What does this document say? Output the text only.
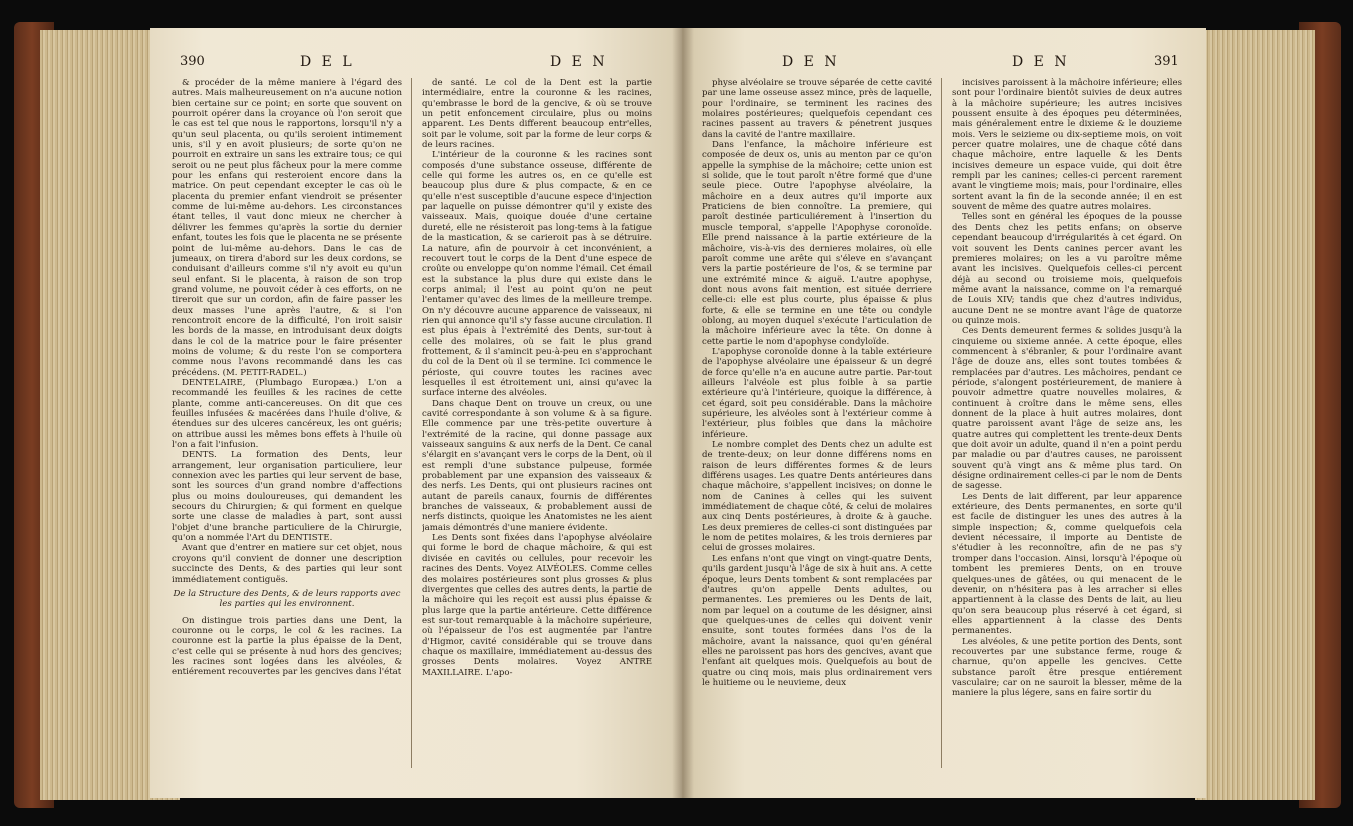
390	D E L	D E N

& procéder de la même maniere à l'égard des autres. Mais malheureusement on n'a aucune notion bien certaine sur ce point; en sorte que souvent on pourroit opérer dans la croyance où l'on seroit que le cas est tel que nous le rapportons, lorsqu'il n'y a qu'un seul placenta, ou qu'ils seroient intimement unis, s'il y en avoit plusieurs; de sorte qu'on ne pourroit en extraire un sans les extraire tous; ce qui seroit ou ne peut plus fâcheux pour la mere comme pour les enfans qui resteroient encore dans la matrice. On peut cependant excepter le cas où le placenta du premier enfant viendroit se présenter comme de lui-même au-dehors. Les circonstances étant telles, il vaut donc mieux ne chercher à délivrer les femmes qu'après la sortie du dernier enfant, toutes les fois que le placenta ne se présente point de lui-même au-dehors. Dans le cas de jumeaux, on tirera d'abord sur les deux cordons, se conduisant d'ailleurs comme s'il n'y avoit eu qu'un seul enfant. Si le placenta, à raison de son trop grand volume, ne pouvoit céder à ces efforts, on ne tireroit que sur un cordon, afin de faire passer les deux masses l'une après l'autre, & si l'on rencontroit encore de la difficulté, l'on iroit saisir les bords de la masse, en introduisant deux doigts dans le col de la matrice pour le faire présenter moins de volume; & du reste l'on se comportera comme nous l'avons recommandé dans les cas précédens. (M. PETIT-RADEL.)

DENTELAIRE, (Plumbago Europæa.) L'on a recommandé les feuilles & les racines de cette plante, comme anti-cancereuses. On dit que ces feuilles infusées & macérées dans l'huile d'olive, & étendues sur des ulceres cancéreux, les ont guéris; on attribue aussi les mêmes bons effets à l'huile où l'on a fait l'infusion.

DENTS. La formation des Dents, leur arrangement, leur organisation particuliere, leur connexion avec les parties qui leur servent de base, sont les sources d'un grand nombre d'affections plus ou moins douloureuses, qui demandent les secours du Chirurgien; & qui forment en quelque sorte une classe de maladies à part, sont aussi l'objet d'une branche particuliere de la Chirurgie, qu'on a nommée l'Art du DENTISTE.

Avant que d'entrer en matiere sur cet objet, nous croyons qu'il convient de donner une description succincte des Dents, & des parties qui leur sont immédiatement contiguës.

De la Structure des Dents, & de leurs rapports avec les parties qui les environnent.

On distingue trois parties dans une Dent, la couronne ou le corps, le col & les racines. La couronne est la partie la plus épaisse de la Dent, c'est celle qui se présente à nud hors des gencives; les racines sont logées dans les alvéoles, & entiérement recouvertes par les gencives dans l'état

de santé. Le col de la Dent est la partie intermédiaire, entre la couronne & les racines, qu'embrasse le bord de la gencive, & où se trouve un petit enfoncement circulaire, plus ou moins apparent. Les Dents different beaucoup entr'elles, soit par le volume, soit par la forme de leur corps & de leurs racines.

L'intérieur de la couronne & les racines sont composés d'une substance osseuse, différente de celle qui forme les autres os, en ce qu'elle est beaucoup plus dure & plus compacte, & en ce qu'elle n'est susceptible d'aucune espece d'injection par laquelle on puisse démontrer qu'il y existe des vaisseaux. Mais, quoique douée d'une certaine dureté, elle ne résisteroit pas long-tems à la fatigue de la mastication, & se carieroit pas à se détruire. La nature, afin de pourvoir à cet inconvénient, a recouvert tout le corps de la Dent d'une espece de croûte ou enveloppe qu'on nomme l'émail. Cet émail est la substance la plus dure qui existe dans le corps animal; il l'est au point qu'on ne peut l'entamer qu'avec des limes de la meilleure trempe. On n'y découvre aucune apparence de vaisseaux, ni rien qui annonce qu'il s'y fasse aucune circulation. Il est plus épais à l'extrémité des Dents, sur-tout à celle des molaires, où se fait le plus grand frottement, & il s'amincit peu-à-peu en s'approchant du col de la Dent où il se termine. Ici commence le périoste, qui couvre toutes les racines avec lesquelles il est étroitement uni, ainsi qu'avec la surface interne des alvéoles.

Dans chaque Dent on trouve un creux, ou une cavité correspondante à son volume & à sa figure. Elle commence par une très-petite ouverture à l'extrémité de la racine, qui donne passage aux vaisseaux sanguins & aux nerfs de la Dent. Ce canal s'élargit en s'avançant vers le corps de la Dent, où il est rempli d'une substance pulpeuse, formée probablement par une expansion des vaisseaux & des nerfs. Les Dents, qui ont plusieurs racines ont autant de pareils canaux, fournis de différentes branches de vaisseaux, & probablement aussi de nerfs distincts, quoique les Anatomistes ne les aient jamais démontrés d'une maniere évidente.

Les Dents sont fixées dans l'apophyse alvéolaire qui forme le bord de chaque mâchoire, & qui est divisée en cavités ou cellules, pour recevoir les racines des Dents. Voyez ALVÉOLES. Comme celles des molaires postérieures sont plus grosses & plus divergentes que celles des autres dents, la partie de la mâchoire qui les reçoit est aussi plus épaisse & plus large que la partie antérieure. Cette différence est sur-tout remarquable à la mâchoire supérieure, où l'épaisseur de l'os est augmentée par l'antre d'Higmor, cavité considérable qui se trouve dans chaque os maxillaire, immédiatement au-dessus des grosses Dents molaires. Voyez ANTRE MAXILLAIRE. L'apo-

D E N	D E N	391

physe alvéolaire se trouve séparée de cette cavité par une lame osseuse assez mince, près de laquelle, pour l'ordinaire, se terminent les racines des molaires postérieures; quelquefois cependant ces racines passent au travers & pénetrent jusques dans la cavité de l'antre maxillaire.

Dans l'enfance, la mâchoire inférieure est composée de deux os, unis au menton par ce qu'on appelle la symphise de la mâchoire; cette union est si solide, que le tout paroît n'être formé que d'une seule piece. Outre l'apophyse alvéolaire, la mâchoire en a deux autres qu'il importe aux Praticiens de bien connoître. La premiere, qui paroît destinée particuliérement à l'insertion du muscle temporal, s'appelle l'Apophyse coronoïde. Elle prend naissance à la partie extérieure de la mâchoire, vis-à-vis des dernieres molaires, où elle paroît comme une arête qui s'éleve en s'avançant vers la partie postérieure de l'os, & se termine par une extrémité mince & aiguë. L'autre apophyse, dont nous avons fait mention, est située derriere celle-ci: elle est plus courte, plus épaisse & plus forte, & elle se termine en une tête ou condyle oblong, au moyen duquel s'exécute l'articulation de la mâchoire inférieure avec la tête. On donne à cette partie le nom d'apophyse condyloïde.

L'apophyse coronoïde donne à la table extérieure de l'apophyse alvéolaire une épaisseur & un degré de force qu'elle n'a en aucune autre partie. Par-tout ailleurs l'alvéole est plus foible à sa partie extérieure qu'à l'intérieure, quoique la différence, à cet égard, soit peu considérable. Dans la mâchoire supérieure, les alvéoles sont à l'extérieur comme à l'extérieur, plus foibles que dans la mâchoire inférieure.

Le nombre complet des Dents chez un adulte est de trente-deux; on leur donne différens noms en raison de leurs différentes formes & de leurs différens usages. Les quatre Dents antérieures dans chaque mâchoire, s'appellent incisives; on donne le nom de Canines à celles qui les suivent immédiatement de chaque côté, & celui de molaires aux cinq Dents postérieures, à droite & à gauche. Les deux premieres de celles-ci sont distinguées par le nom de petites molaires, & les trois dernieres par celui de grosses molaires.

Les enfans n'ont que vingt on vingt-quatre Dents, qu'ils gardent jusqu'à l'âge de six à huit ans. A cette époque, leurs Dents tombent & sont remplacées par d'autres qu'on appelle Dents adultes, ou permanentes. Les premieres ou les Dents de lait, nom par lequel on a coutume de les désigner, ainsi que quelques-unes de celles qui doivent venir ensuite, sont toutes formées dans l'os de la mâchoire, avant la naissance, quoi qu'en général elles ne paroissent pas hors des gencives, avant que l'enfant ait quelques mois. Quelquefois au bout de quatre ou cinq mois, mais plus ordinairement vers le huitieme ou le neuvieme, deux

incisives paroissent à la mâchoire inférieure; elles sont pour l'ordinaire bientôt suivies de deux autres à la mâchoire supérieure; les autres incisives poussent ensuite à des époques peu déterminées, mais généralement entre le dixieme & le douzieme mois. Vers le seizieme ou dix-septieme mois, on voit percer quatre molaires, une de chaque côté dans chaque mâchoire, entre laquelle & les Dents incisives demeure un espace vuide, qui doit être rempli par les canines; celles-ci percent rarement avant le vingtieme mois; mais, pour l'ordinaire, elles sortent avant la fin de la seconde année; il en est souvent de même des quatre autres molaires.

Telles sont en général les époques de la pousse des Dents chez les petits enfans; on observe cependant beaucoup d'irrégularités à cet égard. On voit souvent les Dents canines percer avant les premieres molaires; on les a vu paroître même avant les incisives. Quelquefois celles-ci percent déjà au second ou troisieme mois, quelquefois même avant la naissance, comme on l'a remarqué de Louis XIV; tandis que chez d'autres individus, aucune Dent ne se montre avant l'âge de quatorze ou quinze mois.

Ces Dents demeurent fermes & solides jusqu'à la cinquieme ou sixieme année. A cette époque, elles commencent à s'ébranler, & pour l'ordinaire avant l'âge de douze ans, elles sont toutes tombées & remplacées par d'autres. Les mâchoires, pendant ce période, s'alongent postérieurement, de maniere à pouvoir admettre quatre nouvelles molaires, & continuent à croître dans le même sens, elles donnent de la place à huit autres molaires, dont quatre paroissent avant l'âge de seize ans, les quatre autres qui complettent les trente-deux Dents que doit avoir un adulte, quand il n'en a point perdu par maladie ou par d'autres causes, ne paroissent souvent qu'à vingt ans & même plus tard. On désigne ordinairement celles-ci par le nom de Dents de sagesse.

Les Dents de lait different, par leur apparence extérieure, des Dents permanentes, en sorte qu'il est facile de distinguer les unes des autres à la simple inspection; &, comme quelquefois cela devient nécessaire, il importe au Dentiste de s'étudier à les reconnoître, afin de ne pas s'y tromper dans l'occasion. Ainsi, lorsqu'à l'époque où tombent les premieres Dents, on en trouve quelques-unes de gâtées, ou qui menacent de le devenir, on n'hésitera pas à les arracher si elles appartiennent à la classe des Dents de lait, au lieu qu'on sera beaucoup plus réservé à cet égard, si elles appartiennent à la classe des Dents permanentes.

Les alvéoles, & une petite portion des Dents, sont recouvertes par une substance ferme, rouge & charnue, qu'on appelle les gencives. Cette substance paroît être presque entiérement vasculaire; car on ne sauroit la blesser, même de la maniere la plus légere, sans en faire sortir du
